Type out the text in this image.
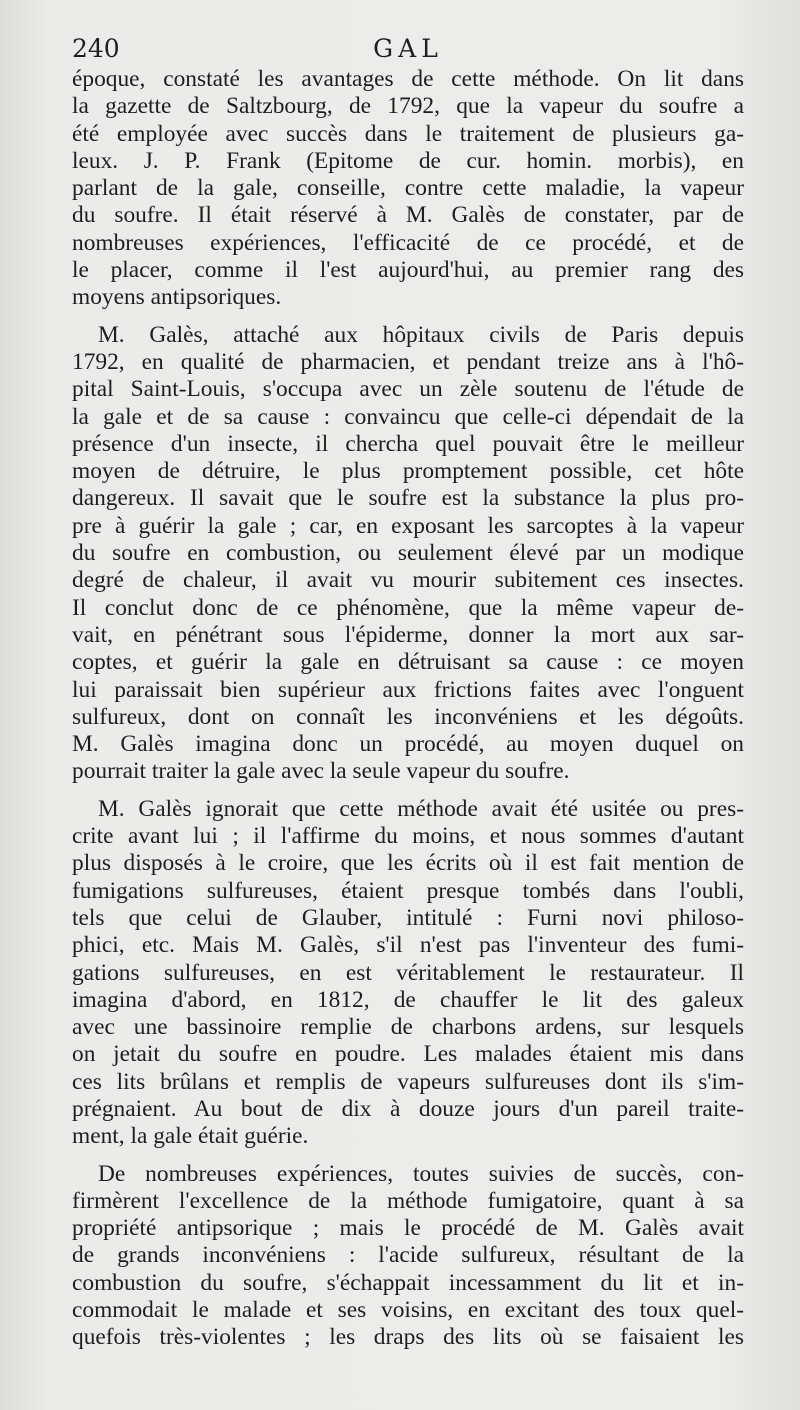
240	GAL
époque, constaté les avantages de cette méthode. On lit dans
la gazette de Saltzbourg, de 1792, que la vapeur du soufre a
été employée avec succès dans le traitement de plusieurs ga-
leux. J. P. Frank (Epitome de cur. homin. morbis), en
parlant de la gale, conseille, contre cette maladie, la vapeur
du soufre. Il était réservé à M. Galès de constater, par de
nombreuses expériences, l'efficacité de ce procédé, et de
le placer, comme il l'est aujourd'hui, au premier rang des
moyens antipsoriques.
M. Galès, attaché aux hôpitaux civils de Paris depuis
1792, en qualité de pharmacien, et pendant treize ans à l'hô-
pital Saint-Louis, s'occupa avec un zèle soutenu de l'étude de
la gale et de sa cause : convaincu que celle-ci dépendait de la
présence d'un insecte, il chercha quel pouvait être le meilleur
moyen de détruire, le plus promptement possible, cet hôte
dangereux. Il savait que le soufre est la substance la plus pro-
pre à guérir la gale ; car, en exposant les sarcoptes à la vapeur
du soufre en combustion, ou seulement élevé par un modique
degré de chaleur, il avait vu mourir subitement ces insectes.
Il conclut donc de ce phénomène, que la même vapeur de-
vait, en pénétrant sous l'épiderme, donner la mort aux sar-
coptes, et guérir la gale en détruisant sa cause : ce moyen
lui paraissait bien supérieur aux frictions faites avec l'onguent
sulfureux, dont on connaît les inconvéniens et les dégoûts.
M. Galès imagina donc un procédé, au moyen duquel on
pourrait traiter la gale avec la seule vapeur du soufre.
M. Galès ignorait que cette méthode avait été usitée ou pres-
crite avant lui ; il l'affirme du moins, et nous sommes d'autant
plus disposés à le croire, que les écrits où il est fait mention de
fumigations sulfureuses, étaient presque tombés dans l'oubli,
tels que celui de Glauber, intitulé : Furni novi philoso-
phici, etc. Mais M. Galès, s'il n'est pas l'inventeur des fumi-
gations sulfureuses, en est véritablement le restaurateur. Il
imagina d'abord, en 1812, de chauffer le lit des galeux
avec une bassinoire remplie de charbons ardens, sur lesquels
on jetait du soufre en poudre. Les malades étaient mis dans
ces lits brûlans et remplis de vapeurs sulfureuses dont ils s'im-
prégnaient. Au bout de dix à douze jours d'un pareil traite-
ment, la gale était guérie.
De nombreuses expériences, toutes suivies de succès, con-
firmèrent l'excellence de la méthode fumigatoire, quant à sa
propriété antipsorique ; mais le procédé de M. Galès avait
de grands inconvéniens : l'acide sulfureux, résultant de la
combustion du soufre, s'échappait incessamment du lit et in-
commodait le malade et ses voisins, en excitant des toux quel-
quefois très-violentes ; les draps des lits où se faisaient les
